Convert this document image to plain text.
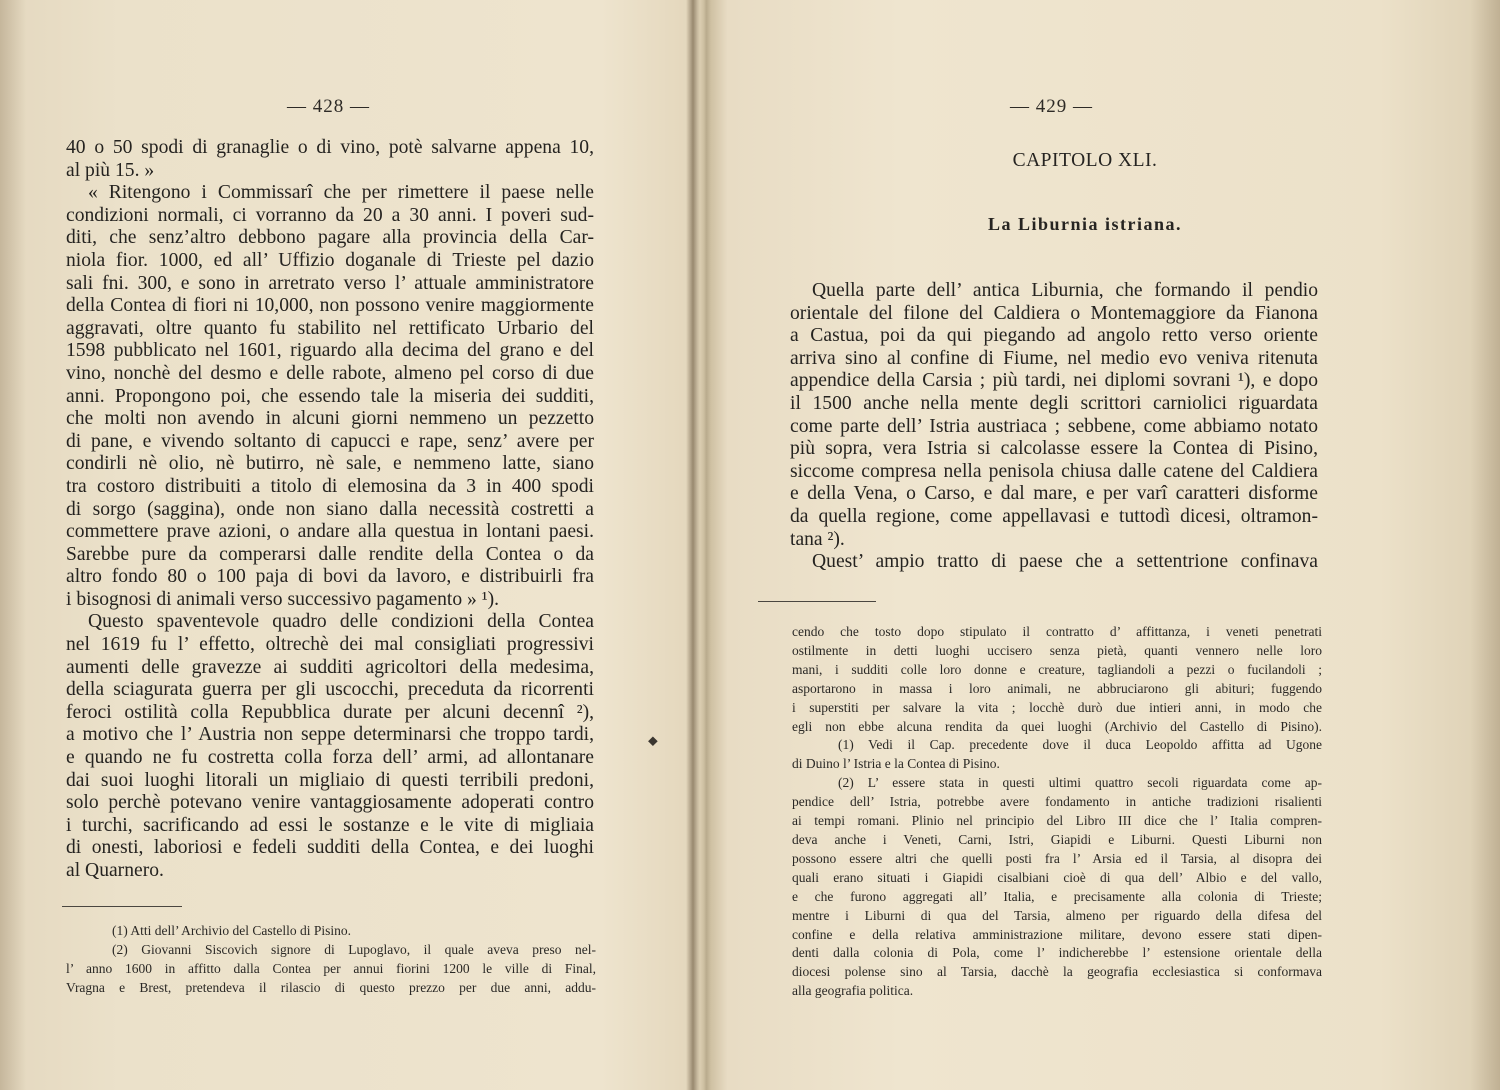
— 428 —
40 o 50 spodi di granaglie o di vino, potè salvarne appena 10,
al più 15. »
« Ritengono i Commissarî che per rimettere il paese nelle
condizioni normali, ci vorranno da 20 a 30 anni. I poveri sud-
diti, che senz’altro debbono pagare alla provincia della Car-
niola fior. 1000, ed all’ Uffizio doganale di Trieste pel dazio
sali fni. 300, e sono in arretrato verso l’ attuale amministratore
della Contea di fiori ni 10,000, non possono venire maggiormente
aggravati, oltre quanto fu stabilito nel rettificato Urbario del
1598 pubblicato nel 1601, riguardo alla decima del grano e del
vino, nonchè del desmo e delle rabote, almeno pel corso di due
anni. Propongono poi, che essendo tale la miseria dei sudditi,
che molti non avendo in alcuni giorni nemmeno un pezzetto
di pane, e vivendo soltanto di capucci e rape, senz’ avere per
condirli nè olio, nè butirro, nè sale, e nemmeno latte, siano
tra costoro distribuiti a titolo di elemosina da 3 in 400 spodi
di sorgo (saggina), onde non siano dalla necessità costretti a
commettere prave azioni, o andare alla questua in lontani paesi.
Sarebbe pure da comperarsi dalle rendite della Contea o da
altro fondo 80 o 100 paja di bovi da lavoro, e distribuirli fra
i bisognosi di animali verso successivo pagamento » ¹).
Questo spaventevole quadro delle condizioni della Contea
nel 1619 fu l’ effetto, oltrechè dei mal consigliati progressivi
aumenti delle gravezze ai sudditi agricoltori della medesima,
della sciagurata guerra per gli uscocchi, preceduta da ricorrenti
feroci ostilità colla Repubblica durate per alcuni decennî ²),
a motivo che l’ Austria non seppe determinarsi che troppo tardi,
e quando ne fu costretta colla forza dell’ armi, ad allontanare
dai suoi luoghi litorali un migliaio di questi terribili predoni,
solo perchè potevano venire vantaggiosamente adoperati contro
i turchi, sacrificando ad essi le sostanze e le vite di migliaia
di onesti, laboriosi e fedeli sudditi della Contea, e dei luoghi
al Quarnero.
(1) Atti dell’ Archivio del Castello di Pisino.
(2) Giovanni Siscovich signore di Lupoglavo, il quale aveva preso nel-
l’ anno 1600 in affitto dalla Contea per annui fiorini 1200 le ville di Final,
Vragna e Brest, pretendeva il rilascio di questo prezzo per due anni, addu-
⬥
— 429 —
CAPITOLO XLI.
La Liburnia istriana.
Quella parte dell’ antica Liburnia, che formando il pendio
orientale del filone del Caldiera o Montemaggiore da Fianona
a Castua, poi da qui piegando ad angolo retto verso oriente
arriva sino al confine di Fiume, nel medio evo veniva ritenuta
appendice della Carsia ; più tardi, nei diplomi sovrani ¹), e dopo
il 1500 anche nella mente degli scrittori carniolici riguardata
come parte dell’ Istria austriaca ; sebbene, come abbiamo notato
più sopra, vera Istria si calcolasse essere la Contea di Pisino,
siccome compresa nella penisola chiusa dalle catene del Caldiera
e della Vena, o Carso, e dal mare, e per varî caratteri disforme
da quella regione, come appellavasi e tuttodì dicesi, oltramon-
tana ²).
Quest’ ampio tratto di paese che a settentrione confinava
cendo che tosto dopo stipulato il contratto d’ affittanza, i veneti penetrati
ostilmente in detti luoghi uccisero senza pietà, quanti vennero nelle loro
mani, i sudditi colle loro donne e creature, tagliandoli a pezzi o fucilandoli ;
asportarono in massa i loro animali, ne abbruciarono gli abituri; fuggendo
i superstiti per salvare la vita ; locchè durò due intieri anni, in modo che
egli non ebbe alcuna rendita da quei luoghi (Archivio del Castello di Pisino).
(1) Vedi il Cap. precedente dove il duca Leopoldo affitta ad Ugone
di Duino l’ Istria e la Contea di Pisino.
(2) L’ essere stata in questi ultimi quattro secoli riguardata come ap-
pendice dell’ Istria, potrebbe avere fondamento in antiche tradizioni risalienti
ai tempi romani. Plinio nel principio del Libro III dice che l’ Italia compren-
deva anche i Veneti, Carni, Istri, Giapidi e Liburni. Questi Liburni non
possono essere altri che quelli posti fra l’ Arsia ed il Tarsia, al disopra dei
quali erano situati i Giapidi cisalbiani cioè di qua dell’ Albio e del vallo,
e che furono aggregati all’ Italia, e precisamente alla colonia di Trieste;
mentre i Liburni di qua del Tarsia, almeno per riguardo della difesa del
confine e della relativa amministrazione militare, devono essere stati dipen-
denti dalla colonia di Pola, come l’ indicherebbe l’ estensione orientale della
diocesi polense sino al Tarsia, dacchè la geografia ecclesiastica si conformava
alla geografia politica.
